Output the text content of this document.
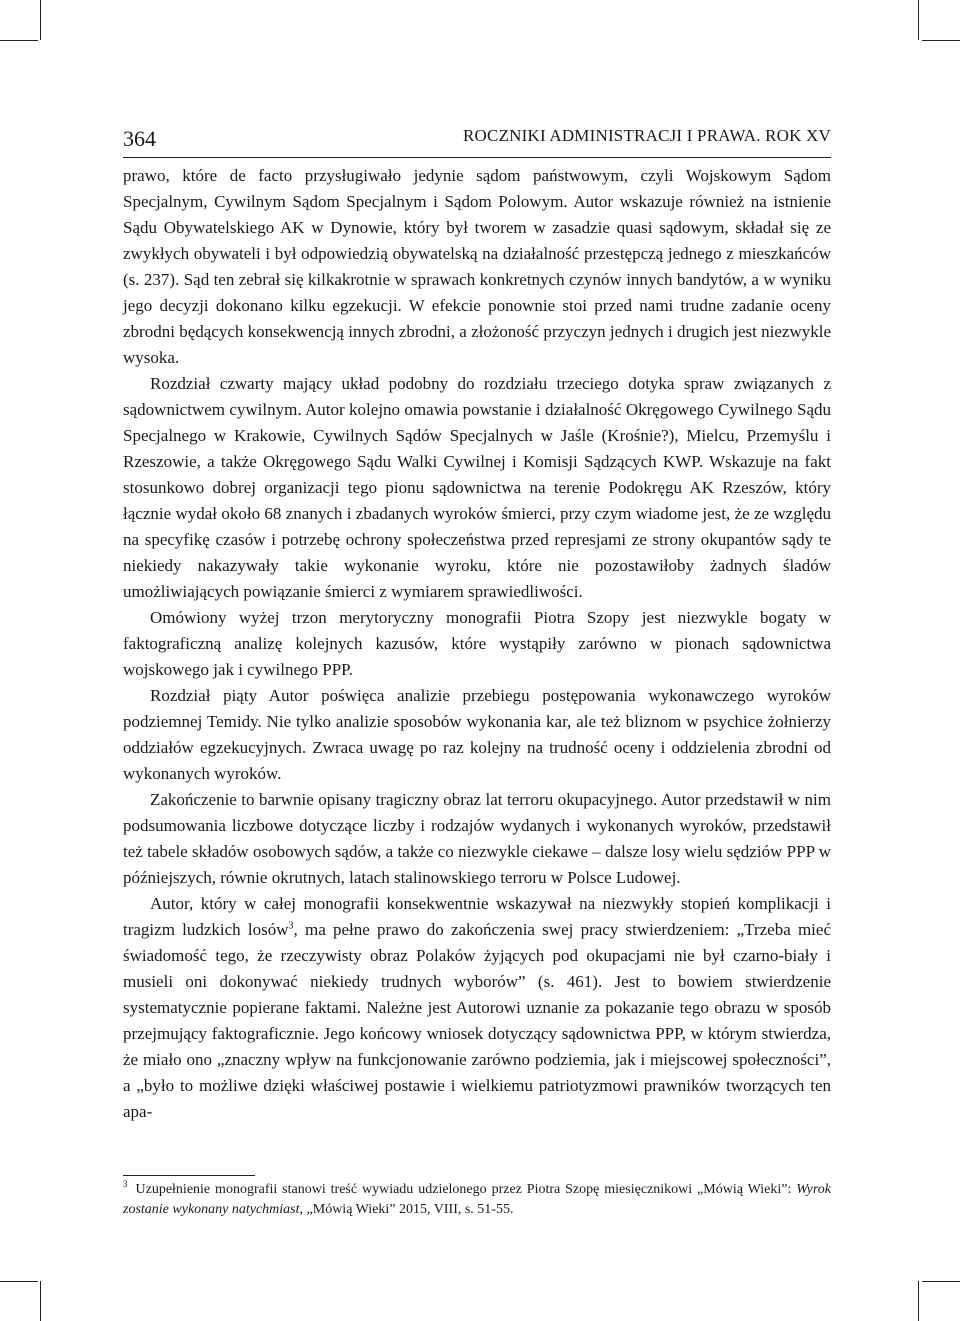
364	ROCZNIKI ADMINISTRACJI I PRAWA. ROK XV

prawo, które de facto przysługiwało jedynie sądom państwowym, czyli Wojskowym Sądom Specjalnym, Cywilnym Sądom Specjalnym i Sądom Polowym. Autor wskazuje również na istnienie Sądu Obywatelskiego AK w Dynowie, który był tworem w zasadzie quasi sądowym, składał się ze zwykłych obywateli i był odpowiedzią obywatelską na działalność przestępczą jednego z mieszkańców (s. 237). Sąd ten zebrał się kilkakrotnie w sprawach konkretnych czynów innych bandytów, a w wyniku jego decyzji dokonano kilku egzekucji. W efekcie ponownie stoi przed nami trudne zadanie oceny zbrodni będących konsekwencją innych zbrodni, a złożoność przyczyn jednych i drugich jest niezwykle wysoka.

Rozdział czwarty mający układ podobny do rozdziału trzeciego dotyka spraw związanych z sądownictwem cywilnym. Autor kolejno omawia powstanie i działalność Okręgowego Cywilnego Sądu Specjalnego w Krakowie, Cywilnych Sądów Specjalnych w Jaśle (Krośnie?), Mielcu, Przemyślu i Rzeszowie, a także Okręgowego Sądu Walki Cywilnej i Komisji Sądzących KWP. Wskazuje na fakt stosunkowo dobrej organizacji tego pionu sądownictwa na terenie Podokręgu AK Rzeszów, który łącznie wydał około 68 znanych i zbadanych wyroków śmierci, przy czym wiadome jest, że ze względu na specyfikę czasów i potrzebę ochrony społeczeństwa przed represjami ze strony okupantów sądy te niekiedy nakazywały takie wykonanie wyroku, które nie pozostawiłoby żadnych śladów umożliwiających powiązanie śmierci z wymiarem sprawiedliwości.

Omówiony wyżej trzon merytoryczny monografii Piotra Szopy jest niezwykle bogaty w faktograficzną analizę kolejnych kazusów, które wystąpiły zarówno w pionach sądownictwa wojskowego jak i cywilnego PPP.

Rozdział piąty Autor poświęca analizie przebiegu postępowania wykonawczego wyroków podziemnej Temidy. Nie tylko analizie sposobów wykonania kar, ale też bliznom w psychice żołnierzy oddziałów egzekucyjnych. Zwraca uwagę po raz kolejny na trudność oceny i oddzielenia zbrodni od wykonanych wyroków.

Zakończenie to barwnie opisany tragiczny obraz lat terroru okupacyjnego. Autor przedstawił w nim podsumowania liczbowe dotyczące liczby i rodzajów wydanych i wykonanych wyroków, przedstawił też tabele składów osobowych sądów, a także co niezwykle ciekawe – dalsze losy wielu sędziów PPP w późniejszych, równie okrutnych, latach stalinowskiego terroru w Polsce Ludowej.

Autor, który w całej monografii konsekwentnie wskazywał na niezwykły stopień komplikacji i tragizm ludzkich losów$^3$, ma pełne prawo do zakończenia swej pracy stwierdzeniem: „Trzeba mieć świadomość tego, że rzeczywisty obraz Polaków żyjących pod okupacjami nie był czarno-biały i musieli oni dokonywać niekiedy trudnych wyborów” (s. 461). Jest to bowiem stwierdzenie systematycznie popierane faktami. Należne jest Autorowi uznanie za pokazanie tego obrazu w sposób przejmujący faktograficznie. Jego końcowy wniosek dotyczący sądownictwa PPP, w którym stwierdza, że miało ono „znaczny wpływ na funkcjonowanie zarówno podziemia, jak i miejscowej społeczności”, a „było to możliwe dzięki właściwej postawie i wielkiemu patriotyzmowi prawników tworzących ten apa-

$^3$ Uzupełnienie monografii stanowi treść wywiadu udzielonego przez Piotra Szopę miesięcznikowi „Mówią Wieki”: Wyrok zostanie wykonany natychmiast, „Mówią Wieki” 2015, VIII, s. 51-55.
